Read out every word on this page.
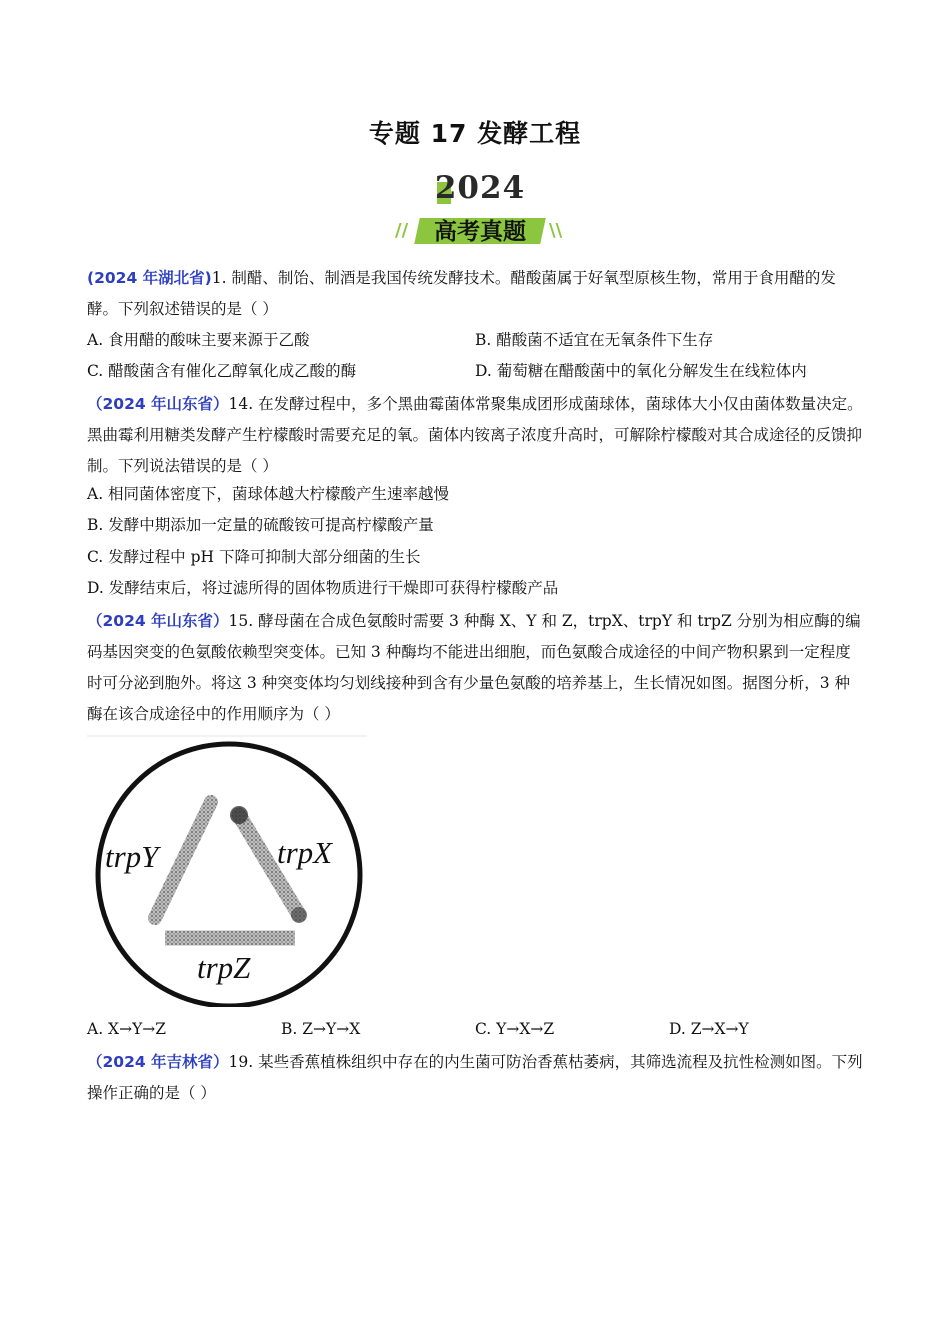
专题 17 发酵工程
2024
//	高考真题	\\

(2024 年湖北省)1. 制醋、制饴、制酒是我国传统发酵技术。醋酸菌属于好氧型原核生物，常用于食用醋的发酵。下列叙述错误的是（ ）

A. 食用醋的酸味主要来源于乙酸	B. 醋酸菌不适宜在无氧条件下生存
C. 醋酸菌含有催化乙醇氧化成乙酸的酶	D. 葡萄糖在醋酸菌中的氧化分解发生在线粒体内

（2024 年山东省）14. 在发酵过程中，多个黑曲霉菌体常聚集成团形成菌球体，菌球体大小仅由菌体数量决定。黑曲霉利用糖类发酵产生柠檬酸时需要充足的氧。菌体内铵离子浓度升高时，可解除柠檬酸对其合成途径的反馈抑制。下列说法错误的是（ ）

A. 相同菌体密度下，菌球体越大柠檬酸产生速率越慢
B. 发酵中期添加一定量的硫酸铵可提高柠檬酸产量
C. 发酵过程中 pH 下降可抑制大部分细菌的生长
D. 发酵结束后，将过滤所得的固体物质进行干燥即可获得柠檬酸产品

（2024 年山东省）15. 酵母菌在合成色氨酸时需要 3 种酶 X、Y 和 Z，trpX、trpY 和 trpZ 分别为相应酶的编码基因突变的色氨酸依赖型突变体。已知 3 种酶均不能进出细胞，而色氨酸合成途径的中间产物积累到一定程度时可分泌到胞外。将这 3 种突变体均匀划线接种到含有少量色氨酸的培养基上，生长情况如图。据图分析，3 种酶在该合成途径中的作用顺序为（ ）

trpY	trpX
trpZ
A. X→Y→Z	B. Z→Y→X	C. Y→X→Z	D. Z→X→Y

（2024 年吉林省）19. 某些香蕉植株组织中存在的内生菌可防治香蕉枯萎病，其筛选流程及抗性检测如图。下列操作正确的是（ ）
